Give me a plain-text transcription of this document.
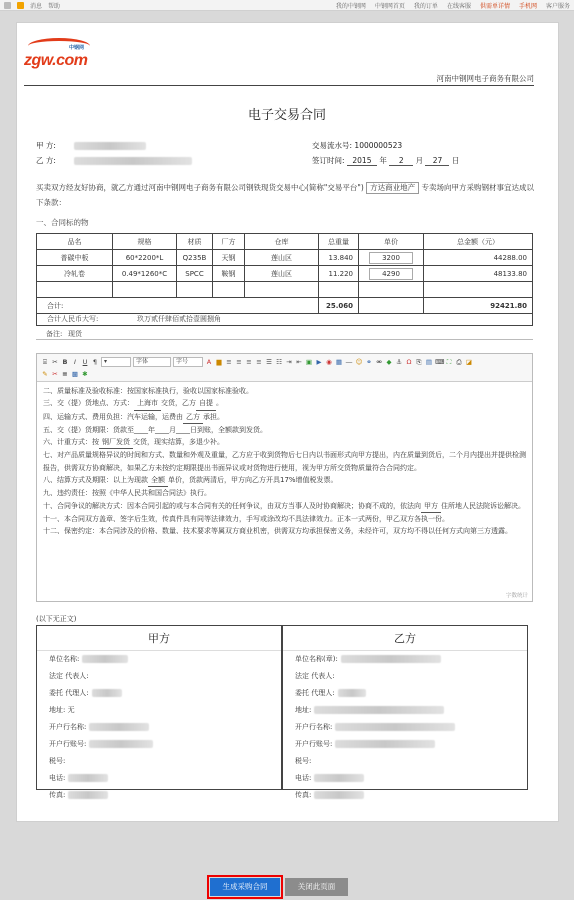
消息 帮助	我的中钢网 中钢网首页 我的订单 在线客服 供需单详情 手机网 客户服务
中钢网
zgw.com
河南中钢网电子商务有限公司
电子交易合同
甲 方:
乙 方:
交易流水号: 1000000523
签订时间: 2015 年 2 月 27 日
买卖双方经友好协商，就乙方通过河南中钢网电子商务有限公司钢铁现货交易中心(简称"交易平台") 方达商业地产 专卖场向甲方采购钢材事宜达成以下条款：
一、合同标的物
品名	规格	材质	厂方	仓库	总重量	单价	总金额（元）
普碳中板	60*2200*L	Q235B	天钢	莲山区	13.840	3200	44288.00
冷轧卷	0.49*1260*C	SPCC	鞍钢	莲山区	11.220	4290	48133.80

合计:					25.060		92421.80
合计人民币大写:	玖万贰仟肆佰贰拾壹圆捌角
备注: 现货
⌸ ✂ B	I	U ¶	▾	字体	字号	A ▆ ≡ ≡ ≡ ≡ ☰ ☷ ⇥ ⇤ ▣ ▶ ◉ ▦ ― ☺ ⚭ ⚮ ◆ ⚓ Ω ⎘ ▤ ⌨ ⛶ ⎙ ◪
✎ ✂ ≣ ▩ ✱
二、质量标准及验收标准：按国家标准执行，验收以国家标准验收。
三、交（提）货地点、方式： 上海市 交货，乙方 自提 。
四、运输方式、费用负担：汽车运输，运费由 乙方 承担。
五、交（提）货期限：货款至____年____月____日到账，全额款到发货。
六、计重方式：按 钢厂发货 交货，现实结算，多退少补。
七、对产品质量规格异议的时间和方式、数量和外观及重量，乙方应于收到货物后七日内以书面形式向甲方提出，内在质量到货后，二个月内提出并提供检测报告，供需双方协商解决，如果乙方未按约定期限提出书面异议或对货物进行使用，视为甲方所交货物质量符合合同约定。
八、结算方式及期限：以上为现款 全额 单价，货款两清后，甲方向乙方开具17%增值税发票。
九、违约责任：按照《中华人民共和国合同法》执行。
十、合同争议的解决方式：因本合同引起的或与本合同有关的任何争议，由双方当事人及时协商解决；协商不成的，依法向 甲方 住所地人民法院诉讼解决。
十一、本合同双方盖章、签字后生效，传真件具有同等法律效力，手写或涂改均不具法律效力。正本一式两份，甲乙双方各执一份。
十二、保密约定：本合同涉及的价格、数量、技术要求等属双方商业机密，供需双方均承担保密义务，未经许可，双方均不得以任何方式向第三方透露。
字数统计
(以下无正文)
甲方
单位名称:
法定 代表人:
委托 代理人:
地址: 无
开户行名称:
开户行账号:
税号:
电话:
传真:
乙方
单位名称(章):
法定 代表人:
委托 代理人:
地址:
开户行名称:
开户行账号:
税号:
电话:
传真:
生成采购合同	关闭此页面
